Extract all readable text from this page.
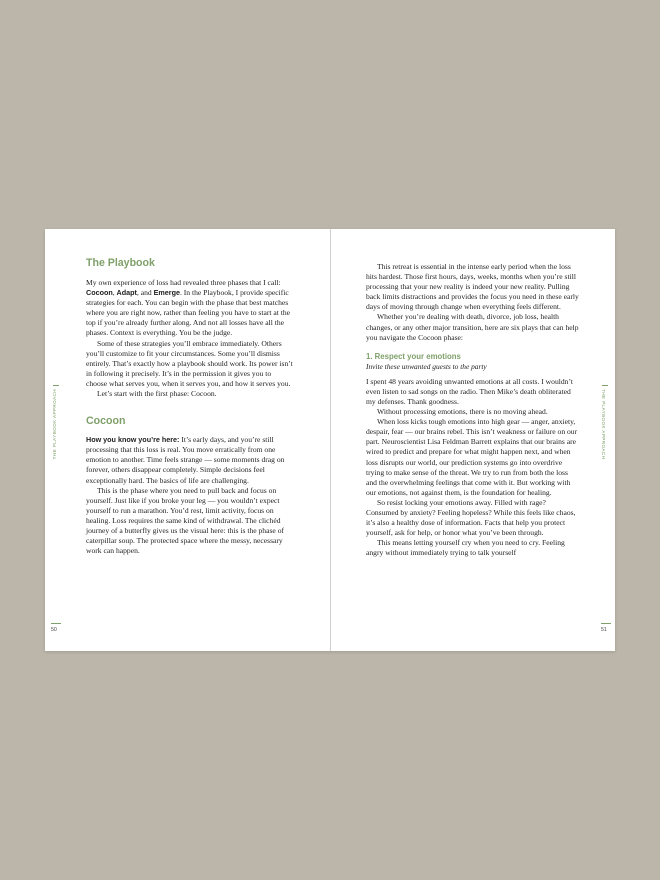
THE PLAYBOOK APPROACH
The Playbook

My own experience of loss had revealed three phases that I call: Cocoon, Adapt, and Emerge. In the Playbook, I provide specific strategies for each. You can begin with the phase that best matches where you are right now, rather than feeling you have to start at the top if you’re already further along. And not all losses have all the phases. Context is everything. You be the judge.

Some of these strategies you’ll embrace immediately. Others you’ll customize to fit your circumstances. Some you’ll dismiss entirely. That’s exactly how a playbook should work. Its power isn’t in following it precisely. It’s in the permission it gives you to choose what serves you, when it serves you, and how it serves you.

Let’s start with the first phase: Cocoon.

Cocoon

How you know you’re here: It’s early days, and you’re still processing that this loss is real. You move erratically from one emotion to another. Time feels strange — some moments drag on forever, others disappear completely. Simple decisions feel exceptionally hard. The basics of life are challenging.

This is the phase where you need to pull back and focus on yourself. Just like if you broke your leg — you wouldn’t expect yourself to run a marathon. You’d rest, limit activity, focus on healing. Loss requires the same kind of withdrawal. The clichéd journey of a butterfly gives us the visual here: this is the phase of caterpillar soup. The protected space where the messy, necessary work can happen.

50
THE PLAYBOOK APPROACH

This retreat is essential in the intense early period when the loss hits hardest. Those first hours, days, weeks, months when you’re still processing that your new reality is indeed your new reality. Pulling back limits distractions and provides the focus you need in these early days of moving through change when everything feels different.

Whether you’re dealing with death, divorce, job loss, health changes, or any other major transition, here are six plays that can help you navigate the Cocoon phase:

1. Respect your emotions
Invite these unwanted guests to the party

I spent 48 years avoiding unwanted emotions at all costs. I wouldn’t even listen to sad songs on the radio. Then Mike’s death obliterated my defenses. Thank goodness.

Without processing emotions, there is no moving ahead.

When loss kicks tough emotions into high gear — anger, anxiety, despair, fear — our brains rebel. This isn’t weakness or failure on our part. Neuroscientist Lisa Feldman Barrett explains that our brains are wired to predict and prepare for what might happen next, and when loss disrupts our world, our prediction systems go into overdrive trying to make sense of the threat. We try to run from both the loss and the overwhelming feelings that come with it. But working with our emotions, not against them, is the foundation for healing.

So resist locking your emotions away. Filled with rage? Consumed by anxiety? Feeling hopeless? While this feels like chaos, it’s also a healthy dose of information. Facts that help you protect yourself, ask for help, or honor what you’ve been through.

This means letting yourself cry when you need to cry. Feeling angry without immediately trying to talk yourself

51
